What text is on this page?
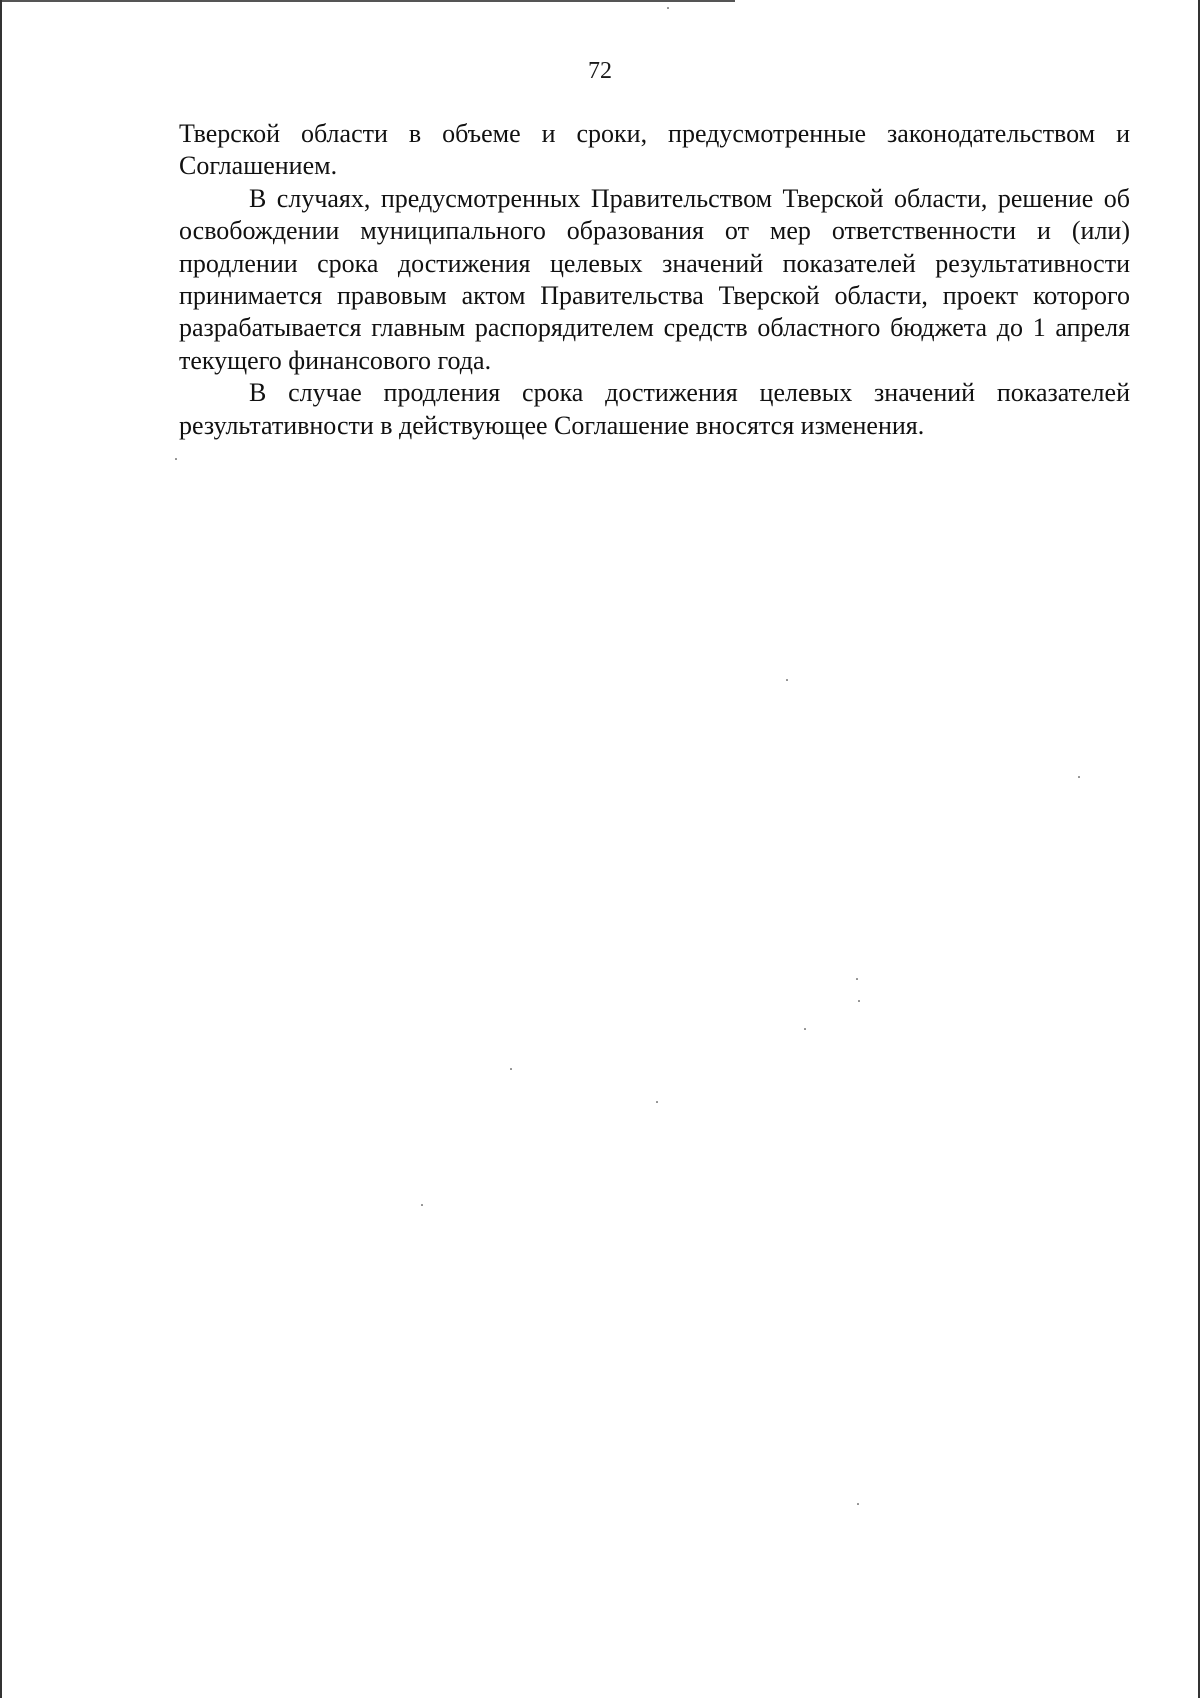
72

Тверской области в объеме и сроки, предусмотренные законодательством и Соглашением.

В случаях, предусмотренных Правительством Тверской области, решение об освобождении муниципального образования от мер ответственности и (или) продлении срока достижения целевых значений показателей результативности принимается правовым актом Правительства Тверской области, проект которого разрабатывается главным распорядителем средств областного бюджета до 1 апреля текущего финансового года.

В случае продления срока достижения целевых значений показателей результативности в действующее Соглашение вносятся изменения.
